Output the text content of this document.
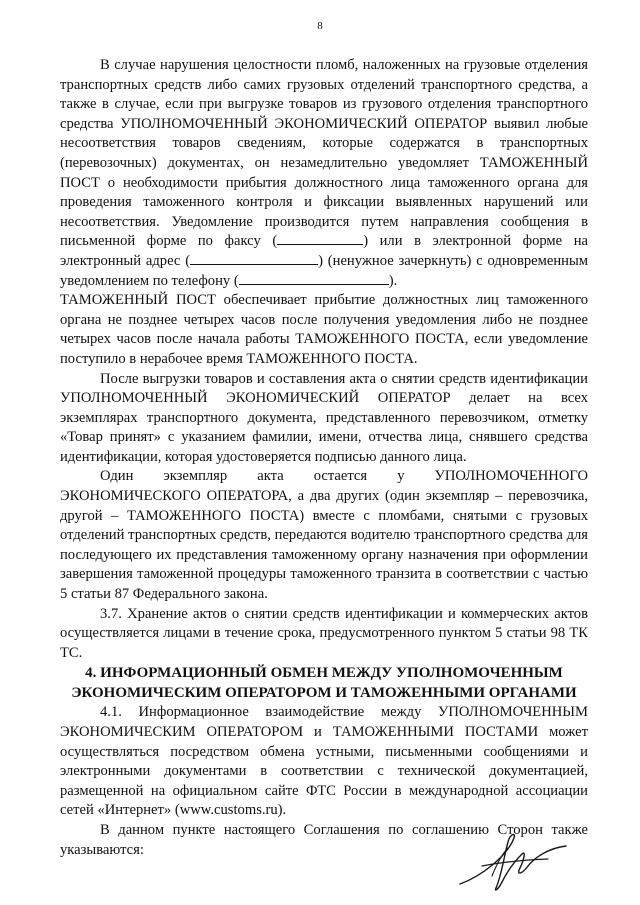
8

В случае нарушения целостности пломб, наложенных на грузовые отделения транспортных средств либо самих грузовых отделений транспортного средства, а также в случае, если при выгрузке товаров из грузового отделения транспортного средства УПОЛНОМОЧЕННЫЙ ЭКОНОМИЧЕСКИЙ ОПЕРАТОР выявил любые несоответствия товаров сведениям, которые содержатся в транспортных (перевозочных) документах, он незамедлительно уведомляет ТАМОЖЕННЫЙ ПОСТ о необходимости прибытия должностного лица таможенного органа для проведения таможенного контроля и фиксации выявленных нарушений или несоответствия. Уведомление производится путем направления сообщения в письменной форме по факсу (	) или в электронной форме на электронный адрес (	) (ненужное зачеркнуть) с одновременным уведомлением по телефону (	).

ТАМОЖЕННЫЙ ПОСТ обеспечивает прибытие должностных лиц таможенного органа не позднее четырех часов после получения уведомления либо не позднее четырех часов после начала работы ТАМОЖЕННОГО ПОСТА, если уведомление поступило в нерабочее время ТАМОЖЕННОГО ПОСТА.

После выгрузки товаров и составления акта о снятии средств идентификации УПОЛНОМОЧЕННЫЙ ЭКОНОМИЧЕСКИЙ ОПЕРАТОР делает на всех экземплярах транспортного документа, представленного перевозчиком, отметку «Товар принят» с указанием фамилии, имени, отчества лица, снявшего средства идентификации, которая удостоверяется подписью данного лица.

Один экземпляр акта остается у УПОЛНОМОЧЕННОГО ЭКОНОМИЧЕСКОГО ОПЕРАТОРА, а два других (один экземпляр – перевозчика, другой – ТАМОЖЕННОГО ПОСТА) вместе с пломбами, снятыми с грузовых отделений транспортных средств, передаются водителю транспортного средства для последующего их представления таможенному органу назначения при оформлении завершения таможенной процедуры таможенного транзита в соответствии с частью 5 статьи 87 Федерального закона.

3.7. Хранение актов о снятии средств идентификации и коммерческих актов осуществляется лицами в течение срока, предусмотренного пунктом 5 статьи 98 ТК ТС.

4. ИНФОРМАЦИОННЫЙ ОБМЕН МЕЖДУ УПОЛНОМОЧЕННЫМ ЭКОНОМИЧЕСКИМ ОПЕРАТОРОМ И ТАМОЖЕННЫМИ ОРГАНАМИ

4.1. Информационное взаимодействие между УПОЛНОМОЧЕННЫМ ЭКОНОМИЧЕСКИМ ОПЕРАТОРОМ и ТАМОЖЕННЫМИ ПОСТАМИ может осуществляться посредством обмена устными, письменными сообщениями и электронными документами в соответствии с технической документацией, размещенной на официальном сайте ФТС России в международной ассоциации сетей «Интернет» (www.customs.ru).

В данном пункте настоящего Соглашения по соглашению Сторон также указываются:
